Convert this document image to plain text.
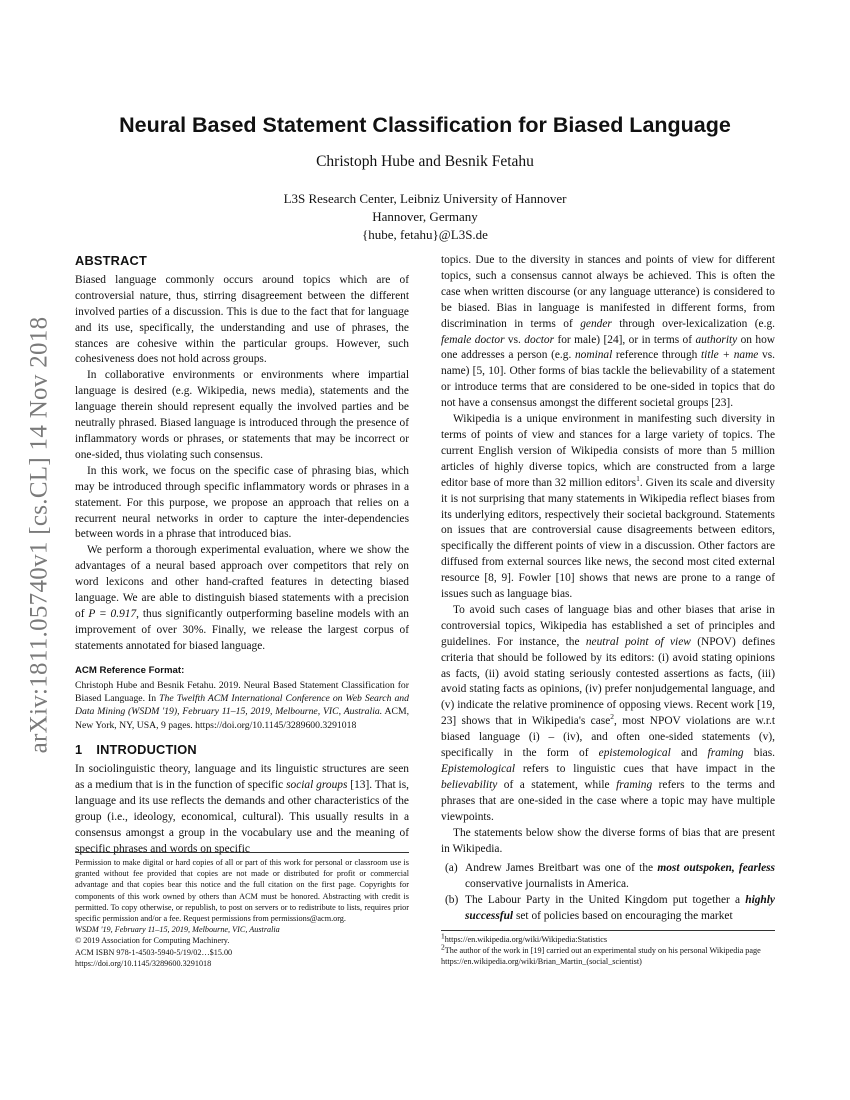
arXiv:1811.05740v1 [cs.CL] 14 Nov 2018
Neural Based Statement Classification for Biased Language
Christoph Hube and Besnik Fetahu
L3S Research Center, Leibniz University of Hannover
Hannover, Germany
{hube, fetahu}@L3S.de
ABSTRACT

Biased language commonly occurs around topics which are of controversial nature, thus, stirring disagreement between the different involved parties of a discussion. This is due to the fact that for language and its use, specifically, the understanding and use of phrases, the stances are cohesive within the particular groups. However, such cohesiveness does not hold across groups.

In collaborative environments or environments where impartial language is desired (e.g. Wikipedia, news media), statements and the language therein should represent equally the involved parties and be neutrally phrased. Biased language is introduced through the presence of inflammatory words or phrases, or statements that may be incorrect or one-sided, thus violating such consensus.

In this work, we focus on the specific case of phrasing bias, which may be introduced through specific inflammatory words or phrases in a statement. For this purpose, we propose an approach that relies on a recurrent neural networks in order to capture the inter-dependencies between words in a phrase that introduced bias.

We perform a thorough experimental evaluation, where we show the advantages of a neural based approach over competitors that rely on word lexicons and other hand-crafted features in detecting biased language. We are able to distinguish biased statements with a precision of P = 0.917, thus significantly outperforming baseline models with an improvement of over 30%. Finally, we release the largest corpus of statements annotated for biased language.

ACM Reference Format:
Christoph Hube and Besnik Fetahu. 2019. Neural Based Statement Classification for Biased Language. In The Twelfth ACM International Conference on Web Search and Data Mining (WSDM '19), February 11–15, 2019, Melbourne, VIC, Australia. ACM, New York, NY, USA, 9 pages. https://doi.org/10.1145/3289600.3291018
1 INTRODUCTION

In sociolinguistic theory, language and its linguistic structures are seen as a medium that is in the function of specific social groups [13]. That is, language and its use reflects the demands and other characteristics of the group (i.e., ideology, economical, cultural). This usually results in a consensus amongst a group in the vocabulary use and the meaning of specific phrases and words on specific

Permission to make digital or hard copies of all or part of this work for personal or classroom use is granted without fee provided that copies are not made or distributed for profit or commercial advantage and that copies bear this notice and the full citation on the first page. Copyrights for components of this work owned by others than ACM must be honored. Abstracting with credit is permitted. To copy otherwise, or republish, to post on servers or to redistribute to lists, requires prior specific permission and/or a fee. Request permissions from permissions@acm.org.
WSDM '19, February 11–15, 2019, Melbourne, VIC, Australia
© 2019 Association for Computing Machinery.
ACM ISBN 978-1-4503-5940-5/19/02…$15.00
https://doi.org/10.1145/3289600.3291018

topics. Due to the diversity in stances and points of view for different topics, such a consensus cannot always be achieved. This is often the case when written discourse (or any language utterance) is considered to be biased. Bias in language is manifested in different forms, from discrimination in terms of gender through over-lexicalization (e.g. female doctor vs. doctor for male) [24], or in terms of authority on how one addresses a person (e.g. nominal reference through title + name vs. name) [5, 10]. Other forms of bias tackle the believability of a statement or introduce terms that are considered to be one-sided in topics that do not have a consensus amongst the different societal groups [23].

Wikipedia is a unique environment in manifesting such diversity in terms of points of view and stances for a large variety of topics. The current English version of Wikipedia consists of more than 5 million articles of highly diverse topics, which are constructed from a large editor base of more than 32 million editors$^1$. Given its scale and diversity it is not surprising that many statements in Wikipedia reflect biases from its underlying editors, respectively their societal background. Statements on issues that are controversial cause disagreements between editors, specifically the different points of view in a discussion. Other factors are diffused from external sources like news, the second most cited external resource [8, 9]. Fowler [10] shows that news are prone to a range of issues such as language bias.

To avoid such cases of language bias and other biases that arise in controversial topics, Wikipedia has established a set of principles and guidelines. For instance, the neutral point of view (NPOV) defines criteria that should be followed by its editors: (i) avoid stating opinions as facts, (ii) avoid stating seriously contested assertions as facts, (iii) avoid stating facts as opinions, (iv) prefer nonjudgemental language, and (v) indicate the relative prominence of opposing views. Recent work [19, 23] shows that in Wikipedia's case$^2$, most NPOV violations are w.r.t biased language (i) – (iv), and often one-sided statements (v), specifically in the form of epistemological and framing bias. Epistemological refers to linguistic cues that have impact in the believability of a statement, while framing refers to the terms and phrases that are one-sided in the case where a topic may have multiple viewpoints.

The statements below show the diverse forms of bias that are present in Wikipedia.

(a) Andrew James Breitbart was one of the most outspoken, fearless conservative journalists in America.
(b) The Labour Party in the United Kingdom put together a highly successful set of policies based on encouraging the market
$^1$https://en.wikipedia.org/wiki/Wikipedia:Statistics
$^2$The author of the work in [19] carried out an experimental study on his personal Wikipedia page https://en.wikipedia.org/wiki/Brian_Martin_(social_scientist)
